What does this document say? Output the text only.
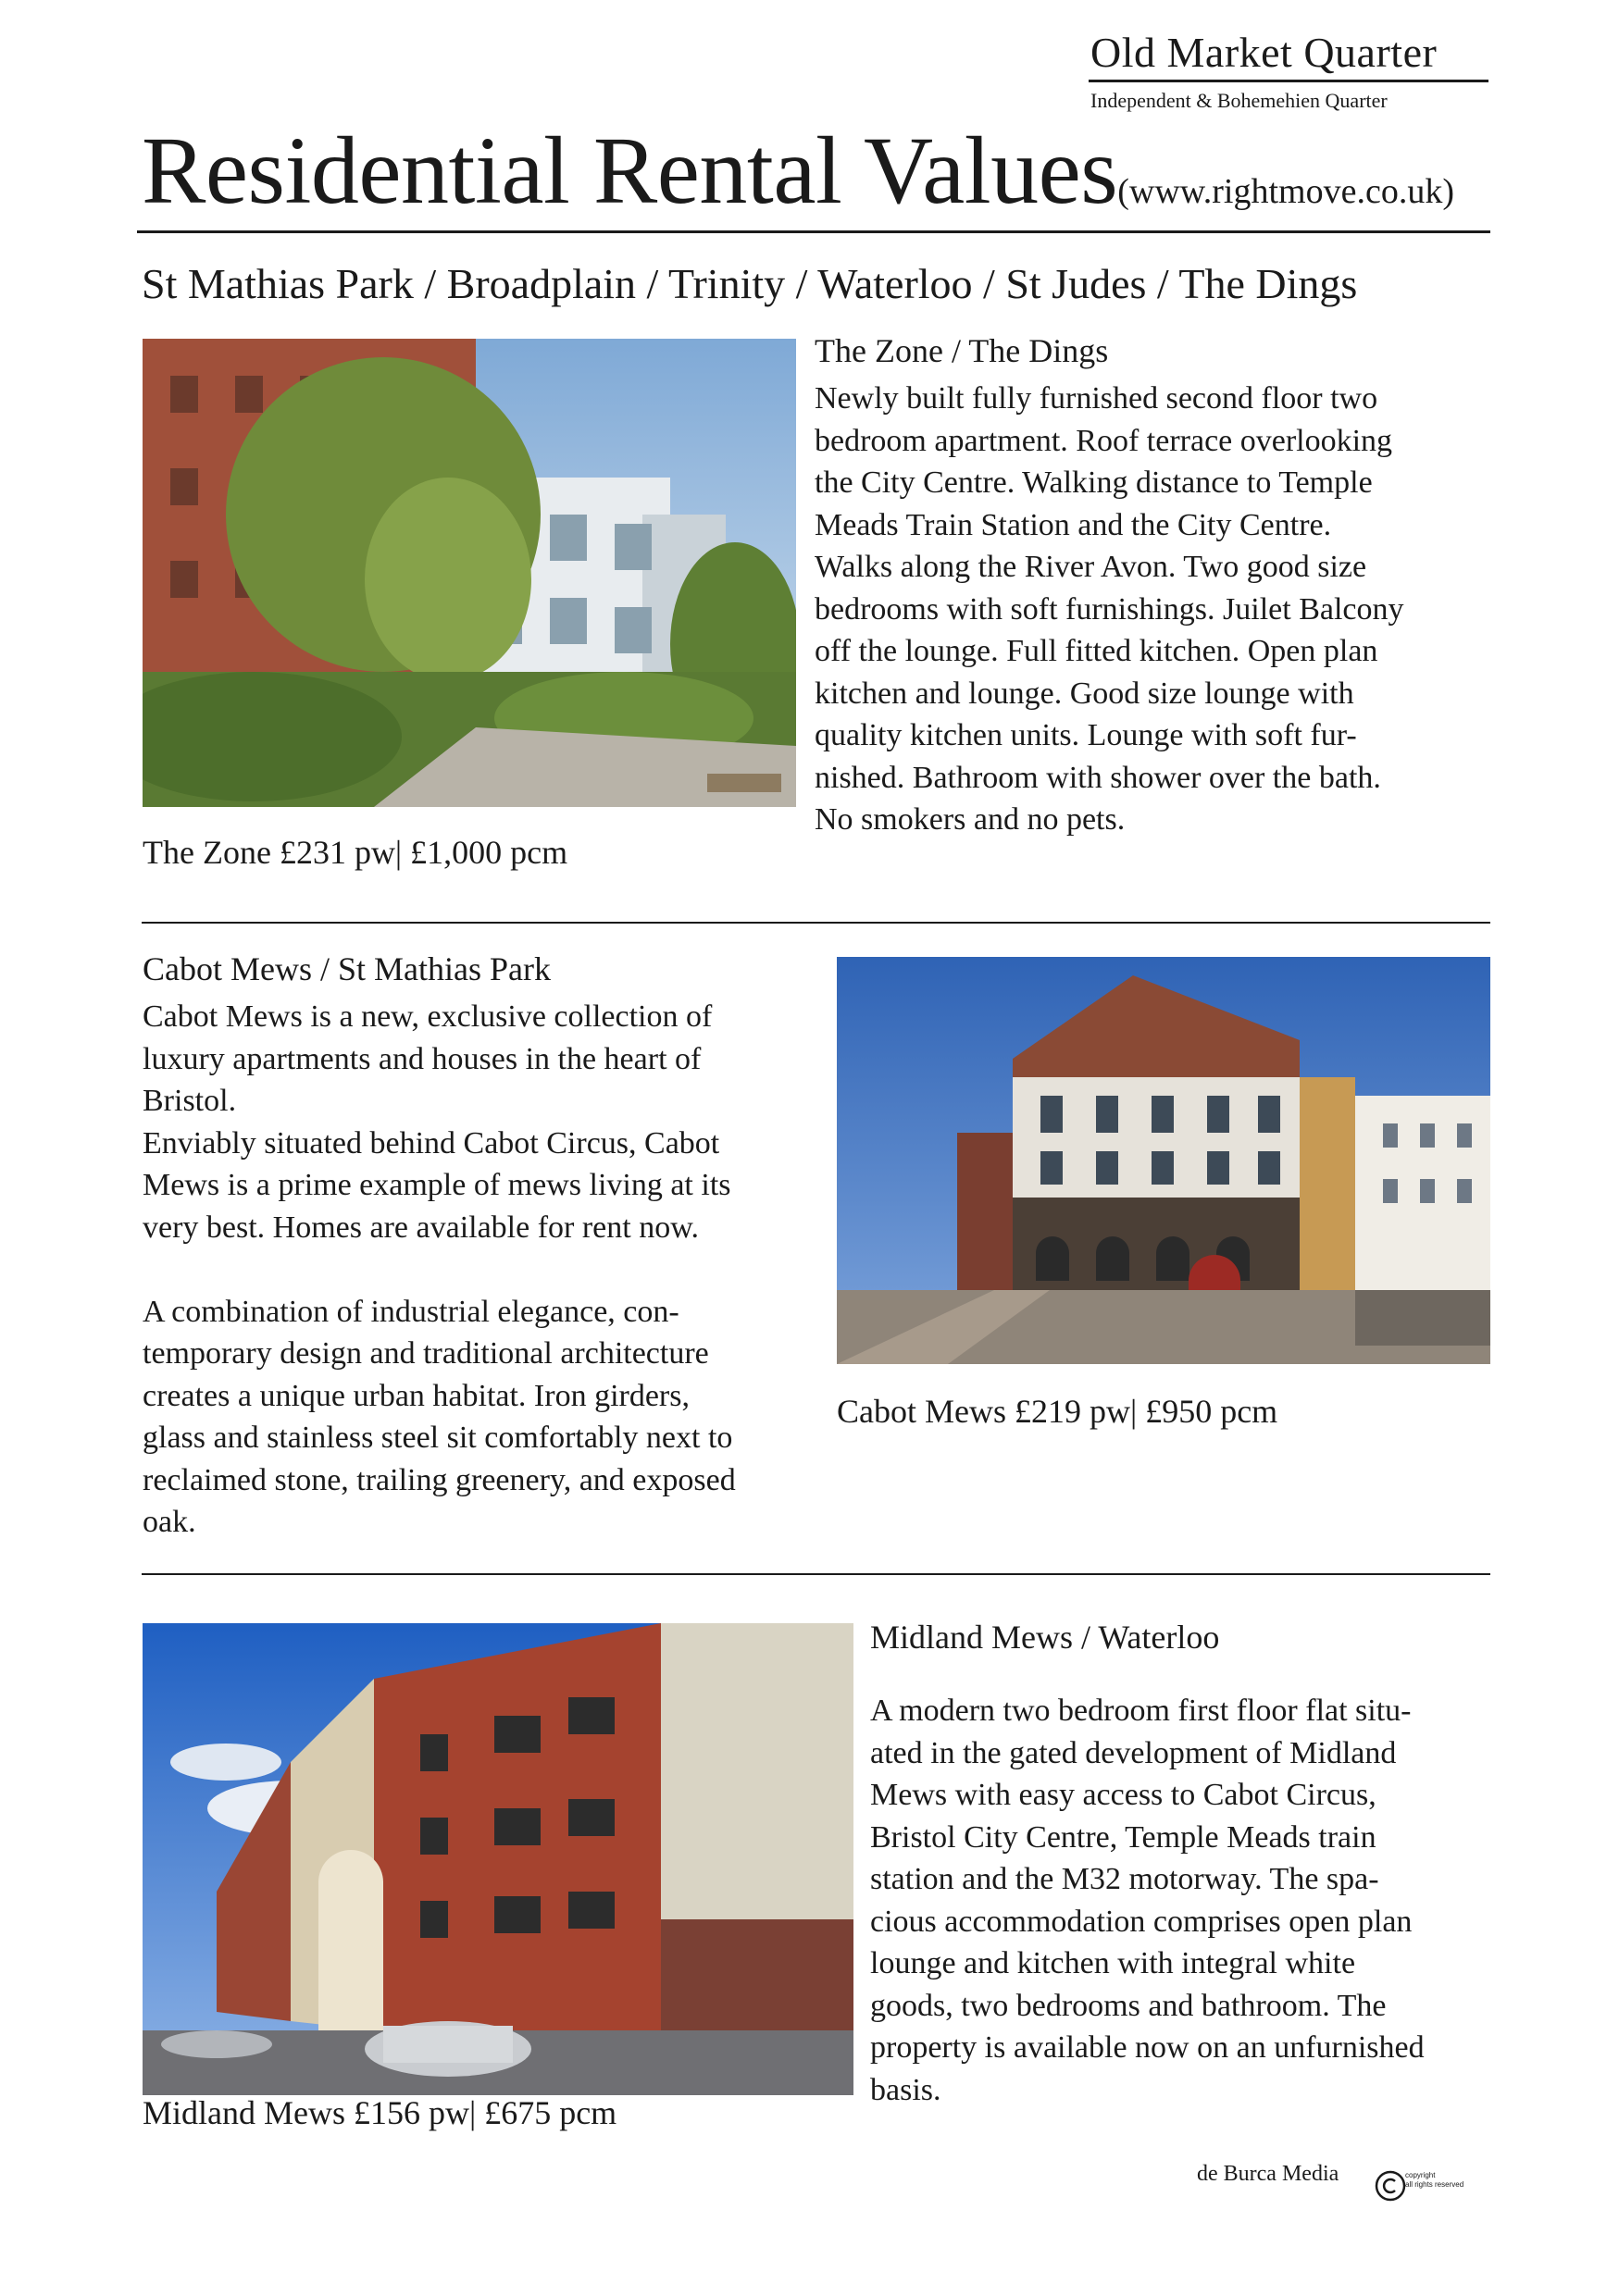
Old Market Quarter
Independent & Bohemehien Quarter
Residential Rental Values(www.rightmove.co.uk)
St Mathias Park / Broadplain / Trinity / Waterloo / St Judes / The Dings
The Zone / The Dings
Newly built fully furnished second floor two
bedroom apartment. Roof terrace overlooking
the City Centre. Walking distance to Temple
Meads Train Station and the City Centre.
Walks along the River Avon. Two good size
bedrooms with soft furnishings. Juilet Balcony
off the lounge. Full fitted kitchen. Open plan
kitchen and lounge. Good size lounge with
quality kitchen units. Lounge with soft fur-
nished. Bathroom with shower over the bath.
No smokers and no pets.
The Zone £231 pw| £1,000 pcm
Cabot Mews / St Mathias Park
Cabot Mews is a new, exclusive collection of
luxury apartments and houses in the heart of
Bristol.
Enviably situated behind Cabot Circus, Cabot
Mews is a prime example of mews living at its
very best. Homes are available for rent now.

A combination of industrial elegance, con-
temporary design and traditional architecture
creates a unique urban habitat. Iron girders,
glass and stainless steel sit comfortably next to
reclaimed stone, trailing greenery, and exposed
oak.
Cabot Mews £219 pw| £950 pcm
Midland Mews / Waterloo
A modern two bedroom first floor flat situ-
ated in the gated development of Midland
Mews with easy access to Cabot Circus,
Bristol City Centre, Temple Meads train
station and the M32 motorway. The spa-
cious accommodation comprises open plan
lounge and kitchen with integral white
goods, two bedrooms and bathroom. The
property is available now on an unfurnished
basis.
Midland Mews £156 pw| £675 pcm
de Burca Media	copyright
all rights reserved
